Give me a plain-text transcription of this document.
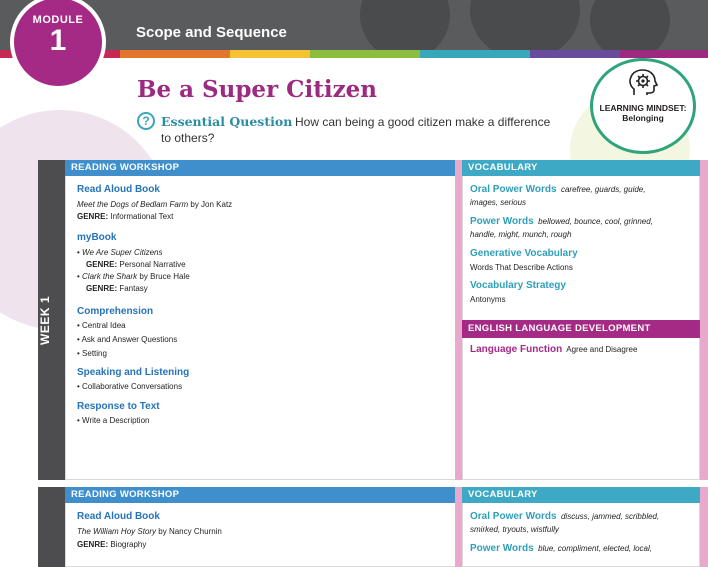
Scope and Sequence
MODULE
1
Be a Super Citizen
? Essential Question How can being a good citizen make a difference
to others?
LEARNING MINDSET:
Belonging
WEEK 1
READING WORKSHOP	VOCABULARY
Read Aloud Book
Meet the Dogs of Bedlam Farm by Jon Katz
GENRE: Informational Text
myBook
• We Are Super Citizens
GENRE: Personal Narrative
• Clark the Shark by Bruce Hale
GENRE: Fantasy
Comprehension
• Central Idea
• Ask and Answer Questions
• Setting
Speaking and Listening
• Collaborative Conversations
Response to Text
• Write a Description
Oral Power Words carefree, guards, guide,
images, serious
Power Words bellowed, bounce, cool, grinned,
handle, might, munch, rough
Generative Vocabulary
Words That Describe Actions
Vocabulary Strategy
Antonyms
ENGLISH LANGUAGE DEVELOPMENT
Language Function Agree and Disagree
READING WORKSHOP	VOCABULARY
Read Aloud Book
The William Hoy Story by Nancy Churnin
GENRE: Biography
Oral Power Words discuss, jammed, scribbled,
smirked, tryouts, wistfully
Power Words blue, compliment, elected, local,
